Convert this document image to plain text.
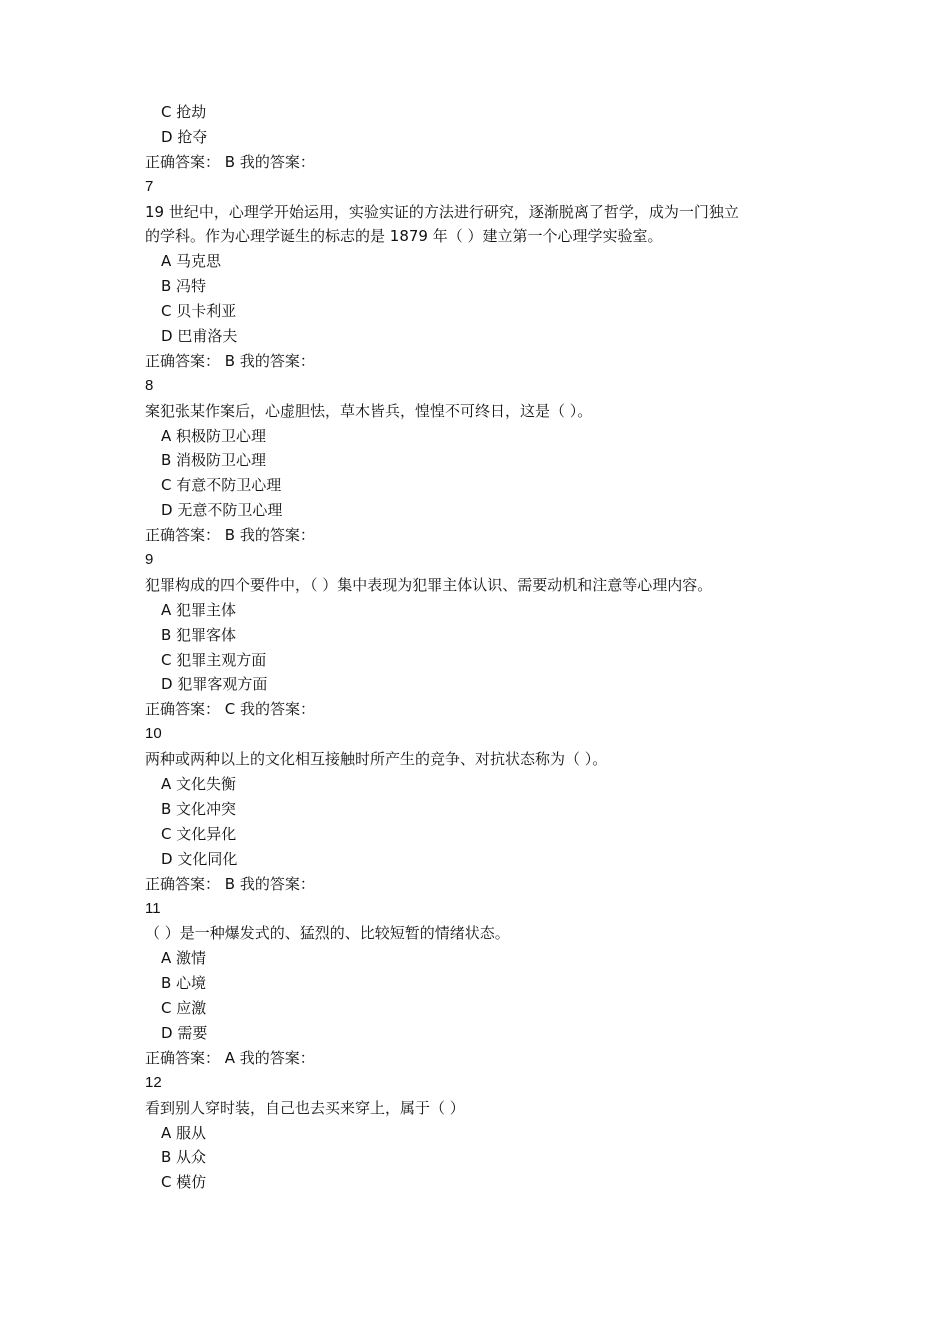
C 抢劫
D 抢夺
正确答案： B 我的答案：
7
19 世纪中，心理学开始运用，实验实证的方法进行研究，逐渐脱离了哲学，成为一门独立
的学科。作为心理学诞生的标志的是 1879 年（ ）建立第一个心理学实验室。
A 马克思
B 冯特
C 贝卡利亚
D 巴甫洛夫
正确答案： B 我的答案：
8
案犯张某作案后，心虚胆怯，草木皆兵，惶惶不可终日，这是（ ）。
A 积极防卫心理
B 消极防卫心理
C 有意不防卫心理
D 无意不防卫心理
正确答案： B 我的答案：
9
犯罪构成的四个要件中，（ ）集中表现为犯罪主体认识、需要动机和注意等心理内容。
A 犯罪主体
B 犯罪客体
C 犯罪主观方面
D 犯罪客观方面
正确答案： C 我的答案：
10
两种或两种以上的文化相互接触时所产生的竞争、对抗状态称为（ ）。
A 文化失衡
B 文化冲突
C 文化异化
D 文化同化
正确答案： B 我的答案：
11
（ ）是一种爆发式的、猛烈的、比较短暂的情绪状态。
A 激情
B 心境
C 应激
D 需要
正确答案： A 我的答案：
12
看到别人穿时装，自己也去买来穿上，属于（ ）
A 服从
B 从众
C 模仿
